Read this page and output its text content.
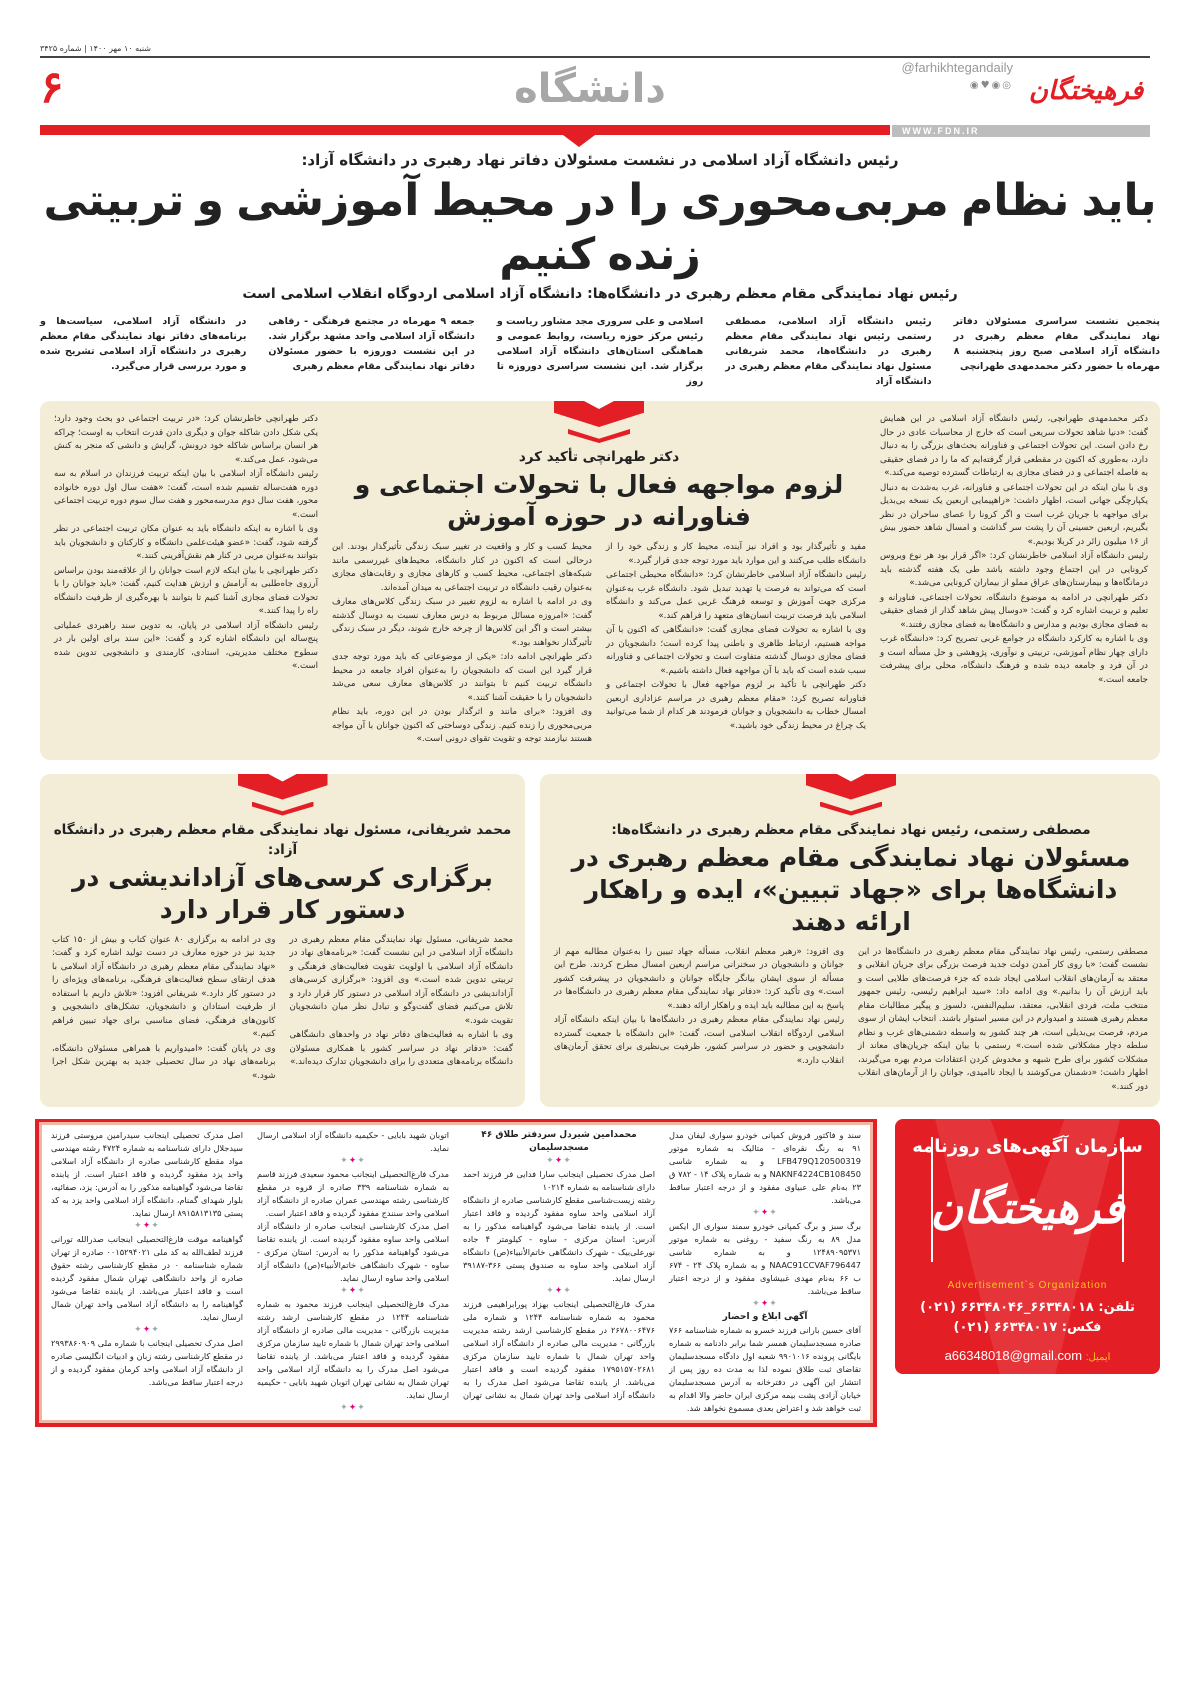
شنبه ۱۰ مهر ۱۴۰۰ | شماره ۳۴۲۵
فرهیختگان
@farhikhtegandaily
◎◉♥◉
دانشگاه
۶
WWW.FDN.IR
رئیس دانشگاه آزاد اسلامی در نشست مسئولان دفاتر نهاد رهبری در دانشگاه آزاد:
باید نظام مربی‌محوری را در محیط آموزشی و تربیتی زنده کنیم
رئیس نهاد نمایندگی مقام معظم رهبری در دانشگاه‌ها: دانشگاه آزاد اسلامی اردوگاه انقلاب اسلامی است
پنجمین نشست سراسری مسئولان دفاتر نهاد نمایندگی مقام معظم رهبری در دانشگاه آزاد اسلامی صبح روز پنجشنبه ۸ مهرماه با حضور دکتر محمدمهدی طهرانچی
رئیس دانشگاه آزاد اسلامی، مصطفی رستمی رئیس نهاد نمایندگی مقام معظم رهبری در دانشگاه‌ها، محمد شریفانی مسئول نهاد نمایندگی مقام معظم رهبری در دانشگاه آزاد
اسلامی و علی سروری مجد مشاور ریاست و رئیس مرکز حوزه ریاست، روابط عمومی و هماهنگی استان‌های دانشگاه آزاد اسلامی برگزار شد. این نشست سراسری دوروزه تا روز
جمعه ۹ مهرماه در مجتمع فرهنگی - رفاهی دانشگاه آزاد اسلامی واحد مشهد برگزار شد. در این نشست دوروزه با حضور مسئولان دفاتر نهاد نمایندگی مقام معظم رهبری
در دانشگاه آزاد اسلامی، سیاست‌ها و برنامه‌های دفاتر نهاد نمایندگی مقام معظم رهبری در دانشگاه آزاد اسلامی تشریح شده و مورد بررسی قرار می‌گیرد.

دکتر محمدمهدی طهرانچی، رئیس دانشگاه آزاد اسلامی در این همایش گفت: «دنیا شاهد تحولات سریعی است که خارج از محاسبات عادی در حال رخ دادن است. این تحولات اجتماعی و فناورانه بحث‌های بزرگی را به دنبال دارد، به‌طوری که اکنون در مقطعی قرار گرفته‌ایم که ما را در فضای حقیقی به فاصله اجتماعی و در فضای مجازی به ارتباطات گسترده توصیه می‌کند.»

وی با بیان اینکه در این تحولات اجتماعی و فناورانه، غرب به‌شدت به دنبال یکپارچگی جهانی است، اظهار داشت: «راهپیمایی اربعین یک نسخه بی‌بدیل برای مواجهه با جریان غرب است و اگر کرونا را عصای ساحران در نظر بگیریم، اربعین حسینی آن را پشت سر گذاشت و امسال شاهد حضور بیش از ۱۶ میلیون زائر در کربلا بودیم.»

رئیس دانشگاه آزاد اسلامی خاطرنشان کرد: «اگر قرار بود هر نوع ویروس کرونایی در این اجتماع وجود داشته باشد طی یک هفته گذشته باید درمانگاه‌ها و بیمارستان‌های عراق مملو از بیماران کرونایی می‌شد.»

دکتر طهرانچی در ادامه به موضوع دانشگاه، تحولات اجتماعی، فناورانه و تعلیم و تربیت اشاره کرد و گفت: «دوسال پیش شاهد گذار از فضای حقیقی به فضای مجازی بودیم و مدارس و دانشگاه‌ها به فضای مجازی رفتند.»

وی با اشاره به کارکرد دانشگاه در جوامع غربی تصریح کرد: «دانشگاه غرب دارای چهار نظام آموزشی، تربیتی و نوآوری، پژوهشی و حل مسأله است و در آن فرد و جامعه دیده شده و فرهنگ دانشگاه، محلی برای پیشرفت جامعه است.»

دکتر طهرانچی تأکید کرد
لزوم مواجهه فعال با تحولات اجتماعی و فناورانه در حوزه آموزش

مفید و تأثیرگذار بود و افراد نیز آینده، محیط کار و زندگی خود را از دانشگاه طلب می‌کنند و این موارد باید مورد توجه جدی قرار گیرد.»

رئیس دانشگاه آزاد اسلامی خاطرنشان کرد: «دانشگاه محیطی اجتماعی است که می‌تواند به فرصت یا تهدید تبدیل شود. دانشگاه غرب به‌عنوان مرکزی جهت آموزش و توسعه فرهنگ غربی عمل می‌کند و دانشگاه اسلامی باید فرصت تربیت انسان‌های متعهد را فراهم کند.»

وی با اشاره به تحولات فضای مجازی گفت: «دانشگاهی که اکنون با آن مواجه هستیم، ارتباط ظاهری و باطنی پیدا کرده است؛ دانشجویان در فضای مجازی دوسال گذشته متفاوت است و تحولات اجتماعی و فناورانه سبب شده است که باید با آن مواجهه فعال داشته باشیم.»

دکتر طهرانچی با تأکید بر لزوم مواجهه فعال با تحولات اجتماعی و فناورانه تصریح کرد: «مقام معظم رهبری در مراسم عزاداری اربعین امسال خطاب به دانشجویان و جوانان فرمودند هر کدام از شما می‌توانید یک چراغ در محیط زندگی خود باشید.»

محیط کسب و کار و واقعیت در تغییر سبک زندگی تأثیرگذار بودند. این درحالی است که اکنون در کنار دانشگاه، محیط‌های غیررسمی مانند شبکه‌های اجتماعی، محیط کسب و کارهای مجازی و رقابت‌های مجازی به‌عنوان رقیب دانشگاه در تربیت اجتماعی به میدان آمده‌اند.

وی در ادامه با اشاره به لزوم تغییر در سبک زندگی کلاس‌های معارف گفت: «امروزه مسائل مربوط به درس معارف نسبت به دوسال گذشته بیشتر است و اگر این کلاس‌ها از چرخه خارج شوند، دیگر در سبک زندگی تأثیرگذار نخواهند بود.»

دکتر طهرانچی ادامه داد: «یکی از موضوعاتی که باید مورد توجه جدی قرار گیرد این است که دانشجویان را به‌عنوان افراد جامعه در محیط دانشگاه تربیت کنیم تا بتوانند در کلاس‌های معارف سعی می‌شد دانشجویان را با حقیقت آشنا کنند.»

وی افزود: «برای مانند و اثرگذار بودن در این دوره، باید نظام مربی‌محوری را زنده کنیم. زندگی دوساحتی که اکنون جوانان با آن مواجه هستند نیازمند توجه و تقویت تقوای درونی است.»

دکتر طهرانچی خاطرنشان کرد: «در تربیت اجتماعی دو بحث وجود دارد؛ یکی شکل دادن شاکله جوان و دیگری دادن قدرت انتخاب به اوست؛ چراکه هر انسان براساس شاکله خود درونش، گرایش و دانشی که منجر به کنش می‌شود، عمل می‌کند.»

رئیس دانشگاه آزاد اسلامی با بیان اینکه تربیت فرزندان در اسلام به سه دوره هفت‌ساله تقسیم شده است، گفت: «هفت سال اول دوره خانواده محور، هفت سال دوم مدرسه‌محور و هفت سال سوم دوره تربیت اجتماعی است.»

وی با اشاره به اینکه دانشگاه باید به عنوان مکان تربیت اجتماعی در نظر گرفته شود، گفت: «عضو هیئت‌علمی دانشگاه و کارکنان و دانشجویان باید بتوانند به‌عنوان مربی در کنار هم نقش‌آفرینی کنند.»

دکتر طهرانچی با بیان اینکه لازم است جوانان را از علاقه‌مند بودن براساس آرزوی جاه‌طلبی به آرامش و ارزش هدایت کنیم، گفت: «باید جوانان را با تحولات فضای مجازی آشنا کنیم تا بتوانند با بهره‌گیری از ظرفیت دانشگاه راه را پیدا کنند.»

رئیس دانشگاه آزاد اسلامی در پایان، به تدوین سند راهبردی عملیاتی پنج‌ساله این دانشگاه اشاره کرد و گفت: «این سند برای اولین بار در سطوح مختلف مدیریتی، استادی، کارمندی و دانشجویی تدوین شده است.»

مصطفی رستمی، رئیس نهاد نمایندگی مقام معظم رهبری در دانشگاه‌ها:
مسئولان نهاد نمایندگی مقام معظم رهبری در دانشگاه‌ها برای «جهاد تبیین»، ایده و راهکار ارائه دهند

مصطفی رستمی، رئیس نهاد نمایندگی مقام معظم رهبری در دانشگاه‌ها در این نشست گفت: «با روی کار آمدن دولت جدید فرصت بزرگی برای جریان انقلابی و معتقد به آرمان‌های انقلاب اسلامی ایجاد شده که جزء فرصت‌های طلایی است و باید ارزش آن را بدانیم.» وی ادامه داد: «سید ابراهیم رئیسی، رئیس جمهور منتخب ملت، فردی انقلابی، معتقد، سلیم‌النفس، دلسوز و پیگیر مطالبات مقام معظم رهبری هستند و امیدوارم در این مسیر استوار باشند. انتخاب ایشان از سوی مردم، فرصت بی‌بدیلی است، هر چند کشور به واسطه دشمنی‌های غرب و نظام سلطه دچار مشکلاتی شده است.» رستمی با بیان اینکه جریان‌های معاند از مشکلات کشور برای طرح شبهه و مخدوش کردن اعتقادات مردم بهره می‌گیرند، اظهار داشت: «دشمنان می‌کوشند با ایجاد ناامیدی، جوانان را از آرمان‌های انقلاب دور کنند.»

وی افزود: «رهبر معظم انقلاب، مسأله جهاد تبیین را به‌عنوان مطالبه مهم از جوانان و دانشجویان در سخنرانی مراسم اربعین امسال مطرح کردند. طرح این مسأله از سوی ایشان بیانگر جایگاه جوانان و دانشجویان در پیشرفت کشور است.» وی تأکید کرد: «دفاتر نهاد نمایندگی مقام معظم رهبری در دانشگاه‌ها در پاسخ به این مطالبه باید ایده و راهکار ارائه دهند.»

رئیس نهاد نمایندگی مقام معظم رهبری در دانشگاه‌ها با بیان اینکه دانشگاه آزاد اسلامی اردوگاه انقلاب اسلامی است، گفت: «این دانشگاه با جمعیت گسترده دانشجویی و حضور در سراسر کشور، ظرفیت بی‌نظیری برای تحقق آرمان‌های انقلاب دارد.»

محمد شریفانی، مسئول نهاد نمایندگی مقام معظم رهبری در دانشگاه آزاد:
برگزاری کرسی‌های آزاداندیشی در دستور کار قرار دارد

محمد شریفانی، مسئول نهاد نمایندگی مقام معظم رهبری در دانشگاه آزاد اسلامی در این نشست گفت: «برنامه‌های نهاد در دانشگاه آزاد اسلامی با اولویت تقویت فعالیت‌های فرهنگی و تربیتی تدوین شده است.» وی افزود: «برگزاری کرسی‌های آزاداندیشی در دانشگاه آزاد اسلامی در دستور کار قرار دارد و تلاش می‌کنیم فضای گفت‌وگو و تبادل نظر میان دانشجویان تقویت شود.»

وی با اشاره به فعالیت‌های دفاتر نهاد در واحدهای دانشگاهی گفت: «دفاتر نهاد در سراسر کشور با همکاری مسئولان دانشگاه برنامه‌های متعددی را برای دانشجویان تدارک دیده‌اند.»

وی در ادامه به برگزاری ۸۰ عنوان کتاب و بیش از ۱۵۰ کتاب جدید نیز در حوزه معارف در دست تولید اشاره کرد و گفت: «نهاد نمایندگی مقام معظم رهبری در دانشگاه آزاد اسلامی با هدف ارتقای سطح فعالیت‌های فرهنگی، برنامه‌های ویژه‌ای را در دستور کار دارد.» شریفانی افزود: «تلاش داریم با استفاده از ظرفیت استادان و دانشجویان، تشکل‌های دانشجویی و کانون‌های فرهنگی، فضای مناسبی برای جهاد تبیین فراهم کنیم.»

وی در پایان گفت: «امیدواریم با همراهی مسئولان دانشگاه، برنامه‌های نهاد در سال تحصیلی جدید به بهترین شکل اجرا شود.»

سازمان آگهی‌های روزنامه
فرهیختگان
Advertisement`s Organization
تلفن: ۶۶۳۴۸۰۱۸_۶۶۳۴۸۰۴۶ (۰۲۱)
فکس: ۶۶۳۴۸۰۱۷ (۰۲۱)
ایمیل: a66348018@gmail.com

سند و فاکتور فروش کمپانی خودرو سواری لیفان مدل ۹۱ به رنگ نقره‌ای - متالیک به شماره موتور LFB479Q120500319 و به شماره شاسی NAKNF4224CB108450 و به شماره پلاک ۱۴ - ۷۸۲ ق ۲۳ به‌نام علی عبیاوی مفقود و از درجه اعتبار ساقط می‌باشد.

✦✦✦

برگ سبز و برگ کمپانی خودرو سمند سواری ال ایکس مدل ۸۹ به رنگ سفید - روغنی به شماره موتور ۱۲۴۸۹۰۹۵۳۷۱ و به شماره شاسی NAAC91CCVAF796447 و به شماره پلاک ۲۴ - ۶۷۴ ب ۶۶ به‌نام مهدی غبیشاوی مفقود و از درجه اعتبار ساقط می‌باشد.

✦✦✦
آگهی ابلاغ و احضار

آقای حسین بارانی فرزند خسرو به شماره شناسنامه ۷۶۶ صادره مسجدسلیمان همسر شما برابر دادنامه به شماره بایگانی پرونده ۹۹۰۱۰۱۶ شعبه اول دادگاه مسجدسلیمان تقاضای ثبت طلاق نموده لذا به مدت ده روز پس از انتشار این آگهی در دفترخانه به آدرس مسجدسلیمان خیابان آزادی پشت بیمه مرکزی ایران حاضر والا اقدام به ثبت خواهد شد و اعتراض بعدی مسموع نخواهد شد.

محمدامین شیردل سردفتر طلاق ۴۶ مسجدسلیمان
✦✦✦

اصل مدرک تحصیلی اینجانب سارا فدایی فر فرزند احمد دارای شناسنامه به شماره ۱۰۲۱۴

رشته زیست‌شناسی مقطع کارشناسی صادره از دانشگاه آزاد اسلامی واحد ساوه مفقود گردیده و فاقد اعتبار است. از یابنده تقاضا می‌شود گواهینامه مذکور را به آدرس: استان مرکزی - ساوه - کیلومتر ۴ جاده نورعلی‌بیک - شهرک دانشگاهی خاتم‌الأنبیاء(ص) دانشگاه آزاد اسلامی واحد ساوه به صندوق پستی ۳۶۶-۳۹۱۸۷ ارسال نماید.

✦✦✦

مدرک فارغ‌التحصیلی اینجانب بهزاد پورابراهیمی فرزند محمود به شماره شناسنامه ۱۲۴۴ و شماره ملی ۲۶۷۸۰۰۶۴۷۶ در مقطع کارشناسی ارشد رشته مدیریت بازرگانی - مدیریت مالی صادره از دانشگاه آزاد اسلامی واحد تهران شمال با شماره تایید سازمان مرکزی ۱۷۹۵۱۵۷۰۲۶۸۱ مفقود گردیده است و فاقد اعتبار می‌باشد. از یابنده تقاضا می‌شود اصل مدرک را به دانشگاه آزاد اسلامی واحد تهران شمال به نشانی تهران اتوبان شهید بابایی - حکیمیه دانشگاه آزاد اسلامی ارسال نماید.

✦✦✦

مدرک فارغ‌التحصیلی اینجانب محمود سعیدی فرزند قاسم به شماره شناسنامه ۳۳۹ صادره از قروه در مقطع کارشناسی رشته مهندسی عمران صادره از دانشگاه آزاد اسلامی واحد سنندج مفقود گردیده و فاقد اعتبار است.

اصل مدرک کارشناسی اینجانب صادره از دانشگاه آزاد اسلامی واحد ساوه مفقود گردیده است. از یابنده تقاضا می‌شود گواهینامه مذکور را به آدرس: استان مرکزی - ساوه - شهرک دانشگاهی خاتم‌الأنبیاء(ص) دانشگاه آزاد اسلامی واحد ساوه ارسال نماید.

✦✦✦

مدرک فارغ‌التحصیلی اینجانب فرزند محمود به شماره شناسنامه ۱۲۴۴ در مقطع کارشناسی ارشد رشته مدیریت بازرگانی - مدیریت مالی صادره از دانشگاه آزاد اسلامی واحد تهران شمال با شماره تایید سازمان مرکزی مفقود گردیده و فاقد اعتبار می‌باشد. از یابنده تقاضا می‌شود اصل مدرک را به دانشگاه آزاد اسلامی واحد تهران شمال به نشانی تهران اتوبان شهید بابایی - حکیمیه ارسال نماید.

✦✦✦

اصل مدرک تحصیلی اینجانب سیدرامین مروستی فرزند سیدجلال دارای شناسنامه به شماره ۴۷۲۴ رشته مهندسی مواد مقطع کارشناسی صادره از دانشگاه آزاد اسلامی واحد یزد مفقود گردیده و فاقد اعتبار است. از یابنده تقاضا می‌شود گواهینامه مذکور را به آدرس: یزد، صفائیه، بلوار شهدای گمنام، دانشگاه آزاد اسلامی واحد یزد به کد پستی ۸۹۱۵۸۱۳۱۳۵ ارسال نماید.

✦✦✦

گواهینامه موقت فارغ‌التحصیلی اینجانب صدرالله تورانی فرزند لطف‌الله به کد ملی ۰۰۱۵۲۹۴۰۲۱ صادره از تهران شماره شناسنامه ۰ در مقطع کارشناسی رشته حقوق صادره از واحد دانشگاهی تهران شمال مفقود گردیده است و فاقد اعتبار می‌باشد. از یابنده تقاضا می‌شود گواهینامه را به دانشگاه آزاد اسلامی واحد تهران شمال ارسال نماید.

✦✦✦

اصل مدرک تحصیلی اینجانب با شماره ملی ۲۹۹۳۸۶۰۹۰۹ در مقطع کارشناسی رشته زبان و ادبیات انگلیسی صادره از دانشگاه آزاد اسلامی واحد کرمان مفقود گردیده و از درجه اعتبار ساقط می‌باشد.
